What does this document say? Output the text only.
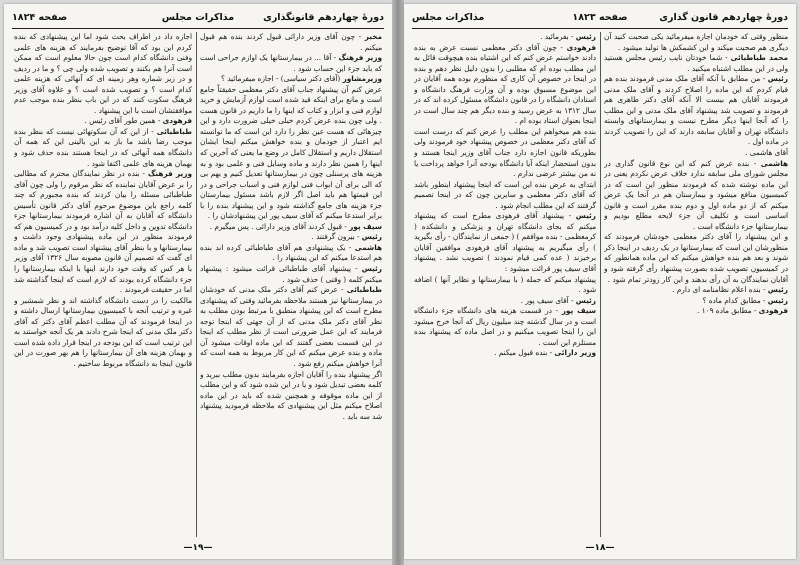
صفحه ۱۸۲۴	مذاکرات مجلس	دورۀ چهاردهم قانونگذاری

مخبر - چون آقای وزیر دارائی قبول کردند بنده هم قبول میکنم .

وزیر فرهنگ - آقا ... در بیمارستانها یک اوازم جراحی است که باید جزء این حساب شود .

وزیرمشاور (آقای دکتر سیاسی) - اجازه میفرمائید ؟

عرض کنم آن پیشنهاد جناب آقای دکتر معظمی حقیقتاً جامع است و مانع برای اینکه قید شده است لوازم آزمایش و خرید لوازم فنی و ابزار و کتاب که اینها را ما داریم در قانون هست . ولی چون بنده عرض کردم خیلی خیلی ضرورت دارد و این چیزهائی که هست عین نظر را دارد این است که ما توانسته ایم اعتبار از خودمان و بنده خواهش میکنم اینجا ایشان استقلال داریم و استقلال کامل در وضع ما یعنی که آخرین که اینها را همین نظر دارند و ماده وسایل فنی و علمی بود و به هزینه های پرسنلی چون در بیمارستانها تعدیل کنیم و بهم بی که الی برای آن ابواب فنی لوازم فنی و اسباب جراحی و در این قیمتها هم باید اصل اگر لازم باشد مسئول بیمارستان جزء هزینه های جامع گذاشته شود و این پیشنهاد بنده را با برابر استدعا میکنم که آقای سیف پور این پیشنهادشان را .

سیف پور - قبول کردند آقای وزیر دارائی . پس میگیرم .

رئیس - بیرون گرفتند .

هاشمی - یک پیشنهادی هم آقای طباطبائی کرده اند بنده هم استدعا میکنم که این پیشنهاد را .

رئیس - پیشنهاد آقای طباطبائی قرائت میشود : پیشنهاد میکنم کلمه ( وقتی ) حذف شود .

طباطبائی - عرض کنم آقای دکتر ملک مدنی که خودشان در بیمارستانها نیز هستند ملاحظه بفرمائید وقتی که پیشنهادی مطرح است که این پیشنهاد منطبق با مرتبط بودن مطلب به نظر آقای دکتر ملک مدنی که از آن جهتی که اینجا توجه فرمایند که این عمل ضرورتی است از نظر مطلب که اینجا در این قسمت بعضی گفتند که این ماده اوقات میشود آن ماده و بنده عرض میکنم که این کار مربوط به همه است که آنرا خواهش میکنم رفع شود .

اگر پیشنهاد بنده را آقایان اجازه بفرمایند بدون مطلب ببرید و کلمه بعضی تبدیل شود و یا در این شده شود که و این مطلب از این ماده موقوفه و همچنین شده که باید در این ماده اصلاح میکنم مثل این پیشنهادی که ملاحظه فرمودید پیشنهاد شد سه باید .

اجازه داد در اطراف بحث شود اما این پیشنهادی که بنده کردم این بود که آقا توضیح بفرمایند که هزینه های علمی وفنی دانشگاه کدام است چون حالا معلوم است که ممکن است آنرا هم بکنند و تصویب شده ولی چی ؟ و ما در ردیف و در زیر شماره وهر زمینه ای که آنهائی که هزینه علمی کدام است ؟ و تصویب شده است ؟ و علاوه آقای وزیر فرهنگ سکوت کنند که در این باب بنظر بنده موجب عدم موافقتشان است با این پیشنهاد .

فرهودی - همین طور آقای رئیس .

طباطبائی - از این که آن سکوتهائی نیست که بنظر بنده موجب رضا باشد ما باز به این بالینی این که همه آن دانشگاه همه آنهائی که در اینجا هستند بنده حذف شود و بهمان هزینه های علمی اکتفا شود .

وزیر فرهنگ - بنده در نظر نمایندگان محترم که مطالبی را بر عرض آقایان نماینده که نظر مرقوم را ولی چون آقای طباطبائی مسئله را بیان کردند که بنده مجبورم که چند کلمه راجع باین موضوع مرحوم آقای دکتر قانون تأسیس دانشگاه که آقایان به آن اشاره فرمودند بیمارستانها جزء دانشگاه تدوین و داخل کلیه درآمد بود و در کمیسیون هم که فرمودند منظور در این ماده پیشنهادی وجود داشت و بیمارستانها و با بنظر آقای پیشنهاد است تصویب شد و ماده ای گفت که تصمیم آن قانون مصوبه سال ۱۳۲۶ آقای وزیر با هر کس که وقت خود دارند اینها با اینکه بیمارستانها را جزء دانشگاه کرده بودند که لازم است که اینجا گذاشته شد اما در حقیقت فرمودند .

مالکیت را در دست دانشگاه گذاشته اند و نظر شمشیر و غیره و ترتیب آنجه با کمیسیون بیمارستانها ارسال داشته و در اینجا فرمودند که آن مطلب اعظم آقای دکتر که آقای دکتر ملک مدنی که اینجا شرح دادند هر یک آنجه خواستند به این ترتیب است که این بودجه در اینجا قرار داده شده است و بهمان هزینه های آن بیمارستانها را هم بهر صورت در این قانون اینجا به دانشگاه مربوط ساختیم .

—۱۹—
مذاکرات مجلس	صفحه ۱۸۲۳	دورۀ چهاردهم قانون گذاری

منظور وقتی که خودمان اجازه میفرمائید یکی صحبت کنید آن دیگری هم صحبت میکند و این کشمکش ها تولید میشود .

محمد طباطبائی - شما خودتان نایب رئیس مجلس هستید ولی در این مطلب اشتباه میکنید .

رئیس - من مطابق با آنکه آقای ملک مدنی فرمودند بنده هم قیام کردم که این ماده را اصلاح کردند و آقای ملک مدنی فرمودند آقایان هم بیست الا آنکه آقای دکتر طاهری هم فرمودند و تصویب شد پیشنهاد آقای ملک مدنی و این مطلب را که آنجا اینها دیگر مطرح نیست و بیمارستانهای وابسته دانشگاه تهران و آقایان سابقه دارند که این را تصویب کردند در ماده اول .

آقای هاشمی .

هاشمی - بنده عرض کنم که این نوع قانون گذاری در مجلس شورای ملی سابقه ندارد خلاف عرض نکردم یعنی در این ماده نوشته شده که فرمودند منظور این است که در کمیسیون منافع میشود و بیمارستان هم در آنجا یک عرض میکنم که از دو ماده اول و دوم بنده مقرر است و قانون اساسی است و تکلیف آن جزء لایحه مطلع بودیم و بیمارستانها جزء دانشگاه است .

و این پیشنهاد را آقای دکتر معظمی خودشان فرمودند که منظورشان این است که بیمارستانها در یک ردیف در اینجا ذکر شوند و بعد هم بنده خواهش میکنم که این ماده همانطور که در کمیسیون تصویب شده بصورت پیشنهاد رأی گرفته شود و آقایان نمایندگان به آن رأی بدهند و این کار زودتر تمام شود .

رئیس - بنده اعلام نظامنامه ای دارم .

رئیس - مطابق کدام ماده ؟

فرهودی - مطابق ماده ۱۰۹ .

رئیس - بفرمائید .

فرهودی - چون آقای دکتر معظمی نسبت عرض به بنده دادند خواستم عرض کنم که این اشتباه بنده هیچوقت قائل به این مطلب بوده ام که مطلبی را بدون دلیل نظر دهم و بنده در اینجا در خصوص آن کاری که منظورم بوده همه آقایان در این موضوع مسبوق بوده و آن وزارت فرهنگ دانشگاه و استادان دانشگاه را در قانون دانشگاه مسئول کرده اند که در سال ۱۳۱۲ به عرض رسید و بنده دیگر هم چند سال است در اینجا بعنوان استاد بوده ام .

بنده هم میخواهم این مطلب را عرض کنم که درست است که آقای دکتر معظمی در خصوص پیشنهاد خود فرمودند ولی بطوریکه قانون اجازه دارد جناب آقای وزیر اینجا هستند و بدون استحضار اینکه آیا دانشگاه بودجه آنرا خواهد پرداخت یا نه من بیشتر عرضی ندارم .

ابتدای به عرض بنده این است که اینجا پیشنهاد اینطور باشد که آقای دکتر معظمی و سایرین چون که در اینجا تصمیم گرفتند که این مطلب انجام شود .

رئیس - پیشنهاد آقای فرهودی مطرح است که پیشنهاد میکنم که بجای دانشگاه تهران و پزشکی و دانشکده ( کرمعظمی - بنده موافقم ) ( جمعی از نمایندگان - رأی بگیرید ) رأی میگیریم به پیشنهاد آقای فرهودی موافقین آقایان برخیزند ( عده کمی قیام نمودند ) تصویب نشد . پیشنهاد آقای سیف پور قرائت میشود :

پیشنهاد میکنم که جمله ( با بیمارستانها و نظایر آنها ) اضافه شود .

رئیس - آقای سیف پور .

سیف پور - در قسمت هزینه های دانشگاه جزء دانشگاه است و در سال گذشته چند میلیون ریال که آنجا خرج میشود این را اینجا تصویب میکنیم و در اصل ماده که پیشنهاد بنده مستلزم این است .

وزیر دارائی - بنده قبول میکنم .

—۱۸—
